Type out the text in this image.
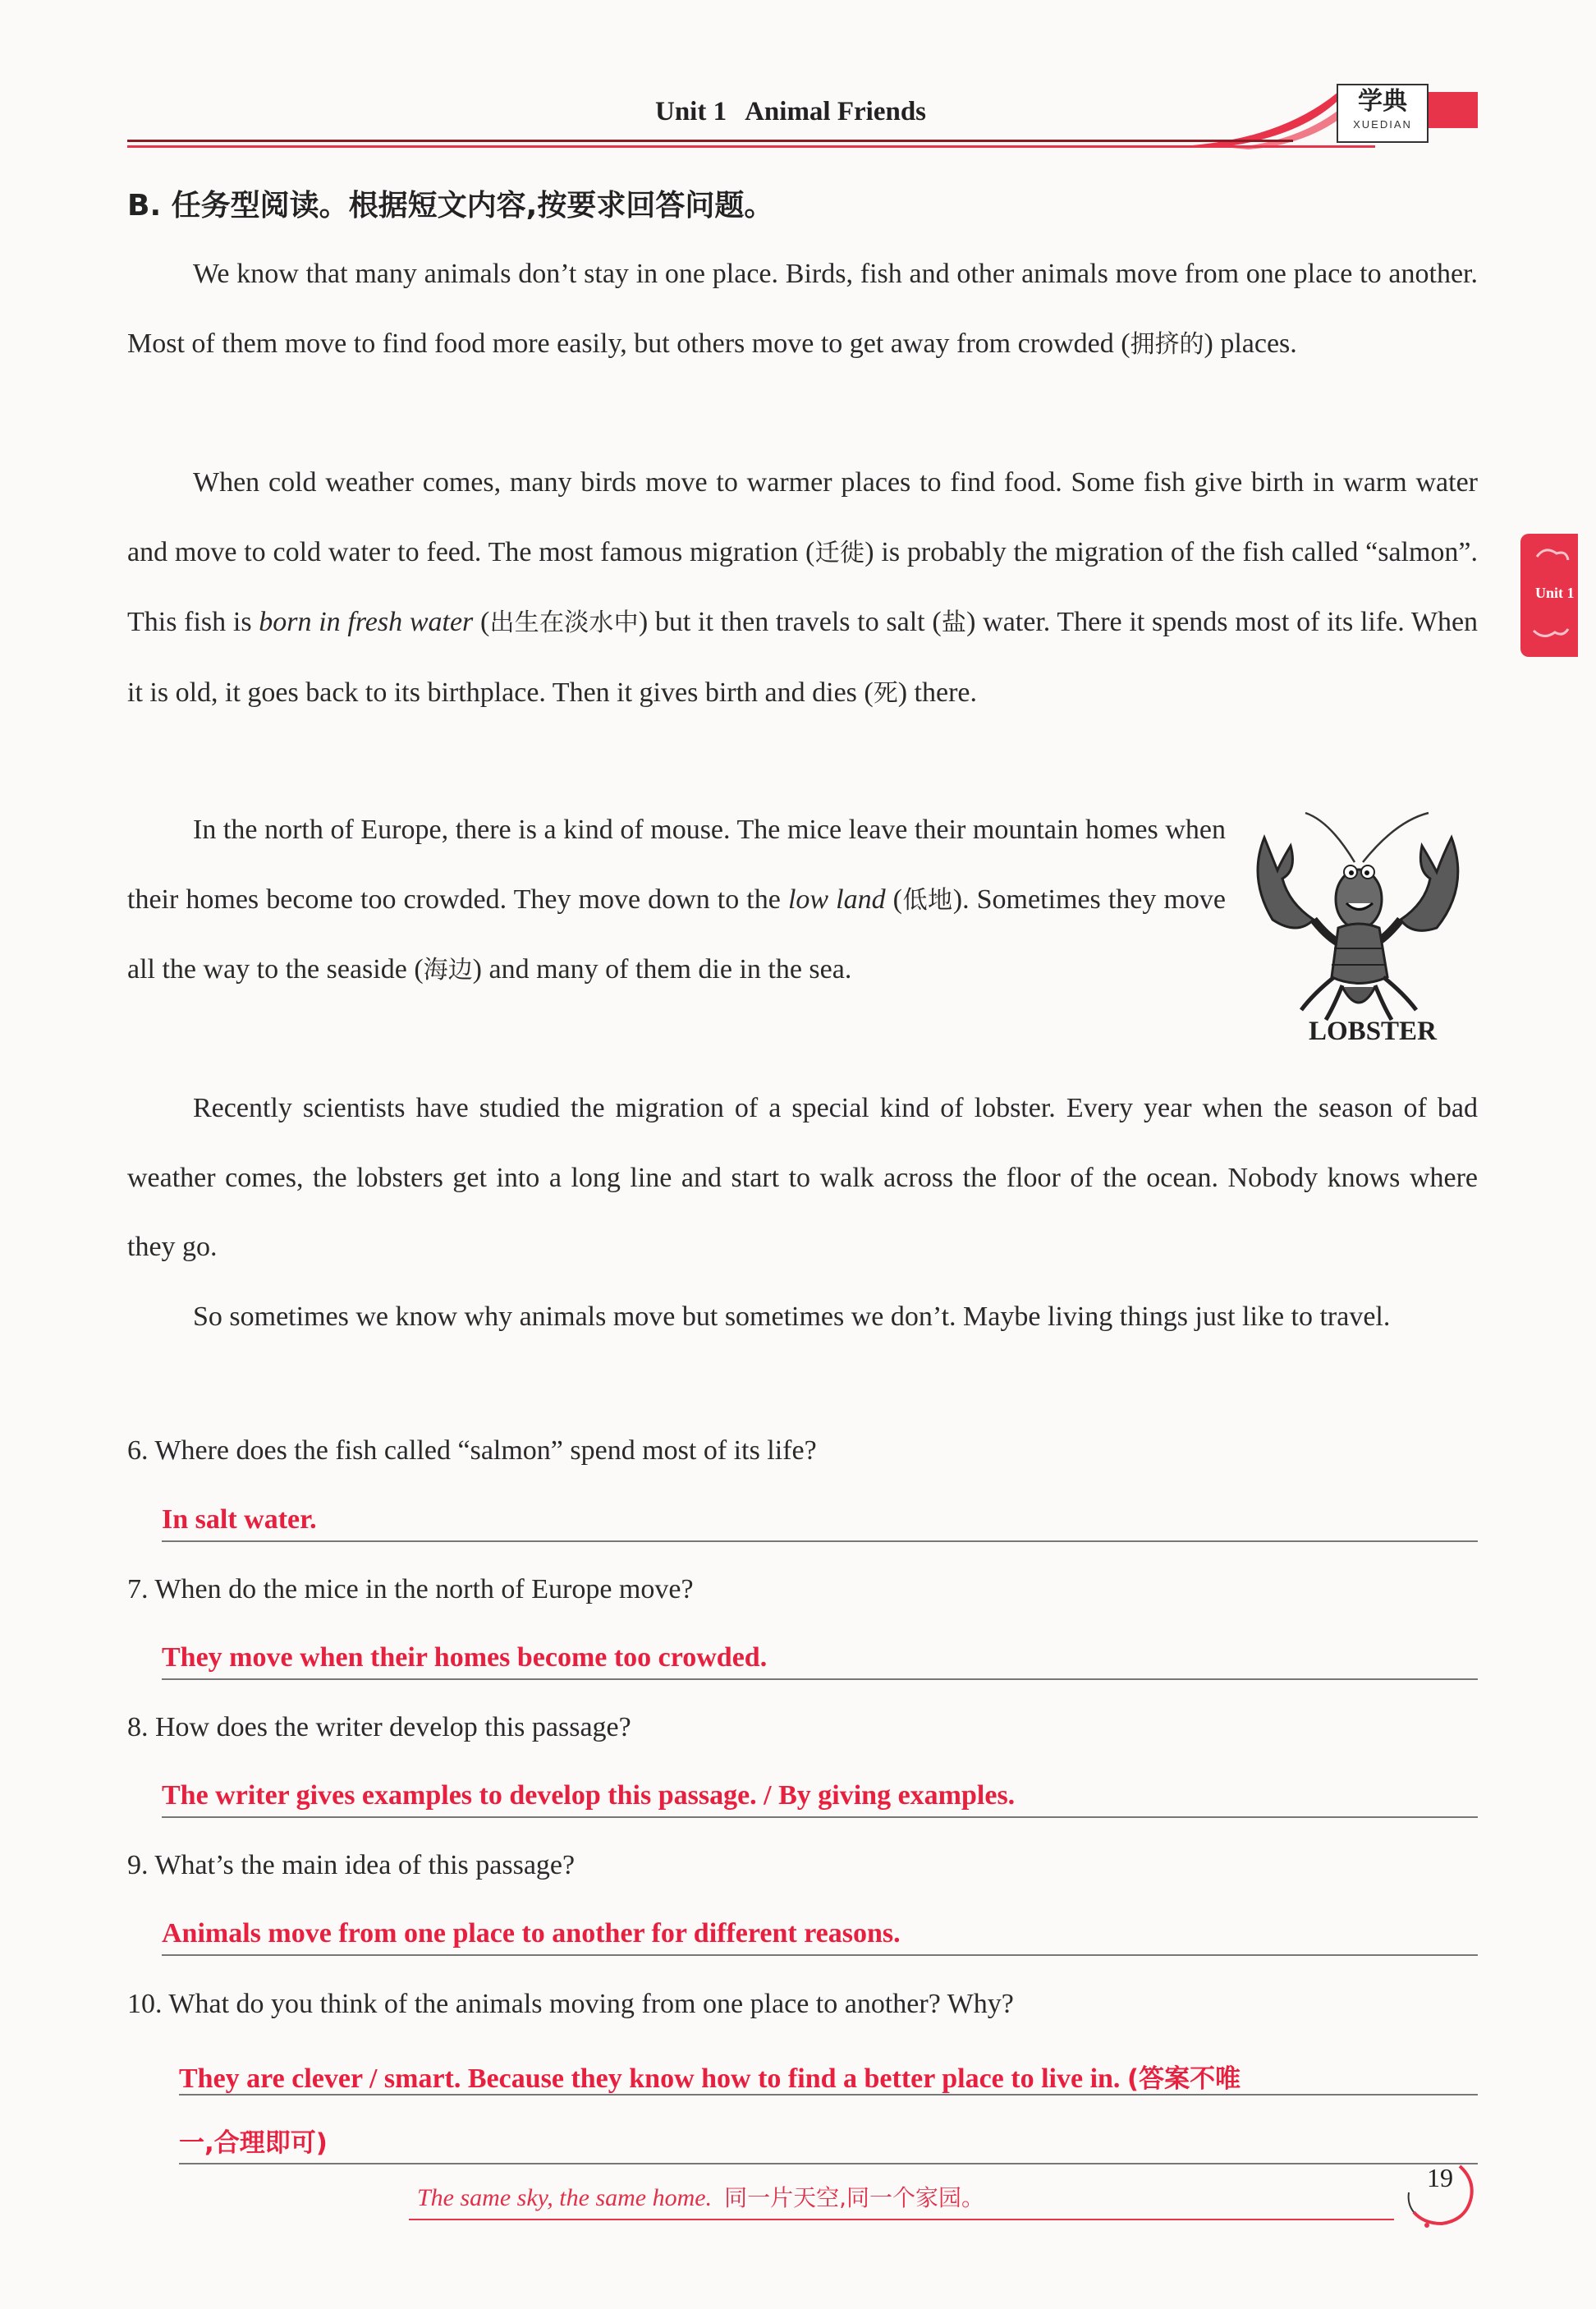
Unit 1 Animal Friends	学典
XUEDIAN
Unit 1
B. 任务型阅读。根据短文内容,按要求回答问题。

We know that many animals don’t stay in one place. Birds, fish and other animals move from one place to another. Most of them move to find food more easily, but others move to get away from crowded (拥挤的) places.

When cold weather comes, many birds move to warmer places to find food. Some fish give birth in warm water and move to cold water to feed. The most famous migration (迁徙) is probably the migration of the fish called “salmon”. This fish is born in fresh water (出生在淡水中) but it then travels to salt (盐) water. There it spends most of its life. When it is old, it goes back to its birthplace. Then it gives birth and dies (死) there.

In the north of Europe, there is a kind of mouse. The mice leave their mountain homes when their homes become too crowded. They move down to the low land (低地). Sometimes they move all the way to the seaside (海边) and many of them die in the sea.

LOBSTER

Recently scientists have studied the migration of a special kind of lobster. Every year when the season of bad weather comes, the lobsters get into a long line and start to walk across the floor of the ocean. Nobody knows where they go.

So sometimes we know why animals move but sometimes we don’t. Maybe living things just like to travel.

6. Where does the fish called “salmon” spend most of its life?
In salt water.
7. When do the mice in the north of Europe move?
They move when their homes become too crowded.
8. How does the writer develop this passage?
The writer gives examples to develop this passage. / By giving examples.
9. What’s the main idea of this passage?
Animals move from one place to another for different reasons.
10. What do you think of the animals moving from one place to another? Why?
They are clever / smart. Because they know how to find a better place to live in. (答案不唯
一,合理即可)
The same sky, the same home. 同一片天空,同一个家园。
19
